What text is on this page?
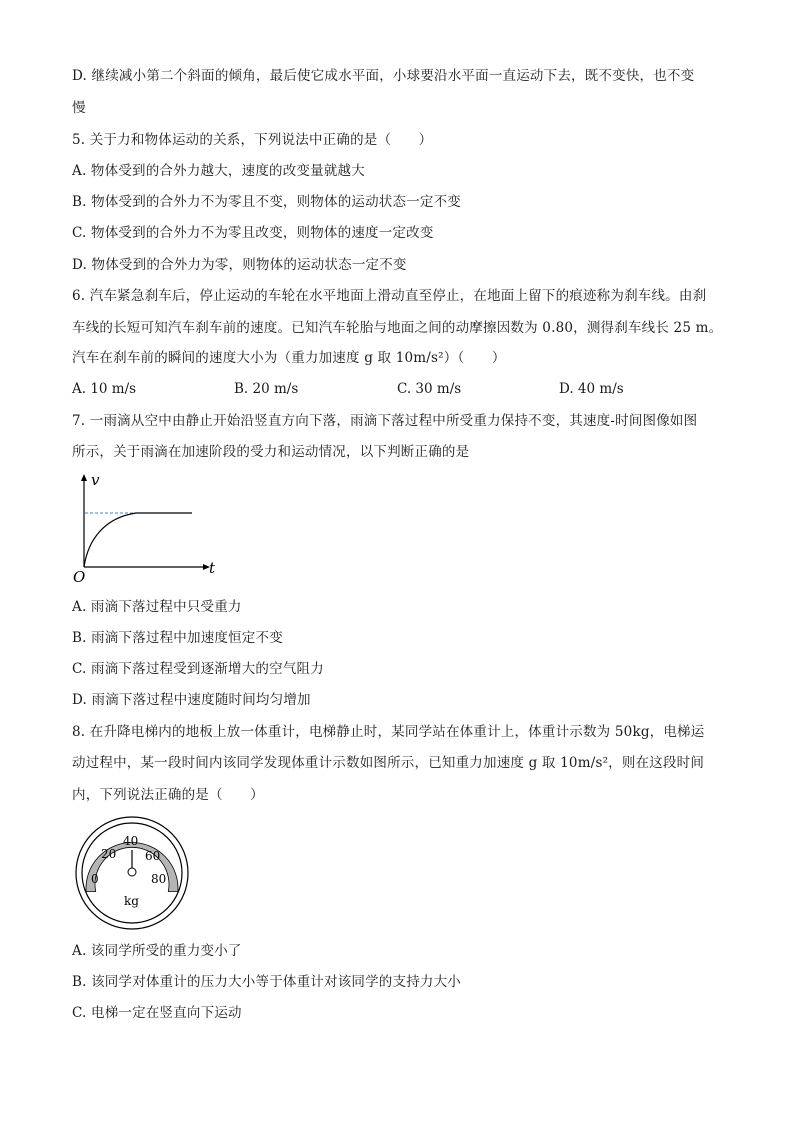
D. 继续减小第二个斜面的倾角，最后使它成水平面，小球要沿水平面一直运动下去，既不变快，也不变
慢
5. 关于力和物体运动的关系，下列说法中正确的是（　　）
A. 物体受到的合外力越大，速度的改变量就越大
B. 物体受到的合外力不为零且不变，则物体的运动状态一定不变
C. 物体受到的合外力不为零且改变，则物体的速度一定改变
D. 物体受到的合外力为零，则物体的运动状态一定不变
6. 汽车紧急刹车后，停止运动的车轮在水平地面上滑动直至停止，在地面上留下的痕迹称为刹车线。由刹
车线的长短可知汽车刹车前的速度。已知汽车轮胎与地面之间的动摩擦因数为 0.80，测得刹车线长 25 m。
汽车在刹车前的瞬间的速度大小为（重力加速度 g 取 10m/s²）（　　）
A. 10 m/s	B. 20 m/s	C. 30 m/s	D. 40 m/s
7. 一雨滴从空中由静止开始沿竖直方向下落，雨滴下落过程中所受重力保持不变，其速度-时间图像如图
所示，关于雨滴在加速阶段的受力和运动情况，以下判断正确的是
v
t
O
A. 雨滴下落过程中只受重力
B. 雨滴下落过程中加速度恒定不变
C. 雨滴下落过程受到逐渐增大的空气阻力
D. 雨滴下落过程中速度随时间均匀增加
8. 在升降电梯内的地板上放一体重计，电梯静止时，某同学站在体重计上，体重计示数为 50kg，电梯运
动过程中，某一段时间内该同学发现体重计示数如图所示，已知重力加速度 g 取 10m/s²，则在这段时间
内，下列说法正确的是（　　）
0
20
40
60
80
kg
A. 该同学所受的重力变小了
B. 该同学对体重计的压力大小等于体重计对该同学的支持力大小
C. 电梯一定在竖直向下运动
